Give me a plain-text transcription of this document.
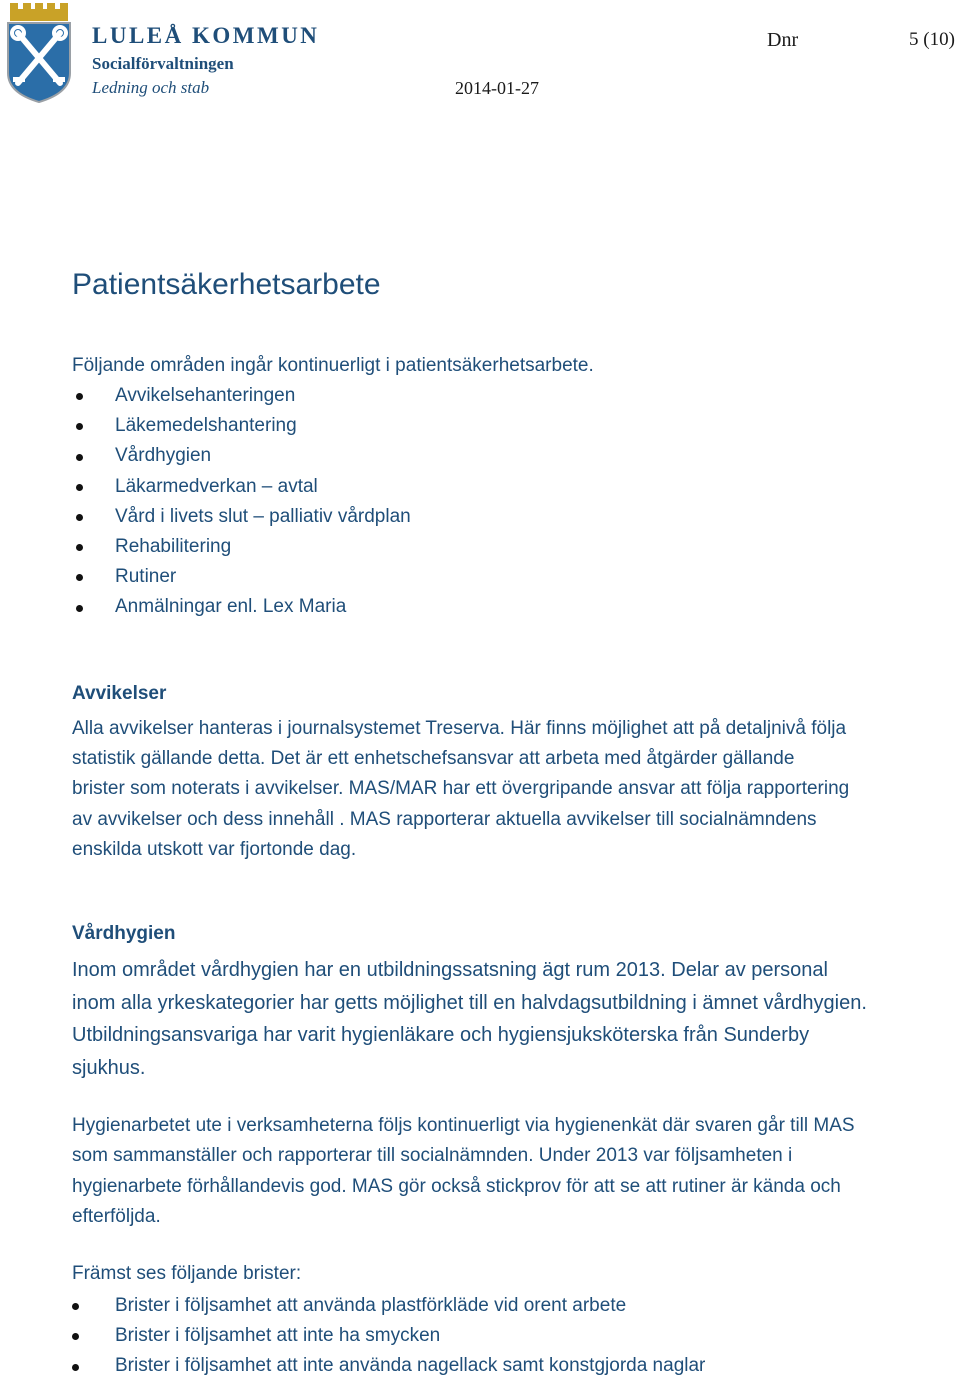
LULEÅ KOMMUN
Socialförvaltningen
Ledning och stab	2014-01-27
Dnr	5 (10)
Patientsäkerhetsarbete
Följande områden ingår kontinuerligt i patientsäkerhetsarbete.
Avvikelsehanteringen
Läkemedelshantering
Vårdhygien
Läkarmedverkan – avtal
Vård i livets slut – palliativ vårdplan
Rehabilitering
Rutiner
Anmälningar enl. Lex Maria
Avvikelser
Alla avvikelser hanteras i journalsystemet Treserva. Här finns möjlighet att på detaljnivå följa statistik gällande detta. Det är ett enhetschefsansvar att arbeta med åtgärder gällande brister som noterats i avvikelser. MAS/MAR har ett övergripande ansvar att följa rapportering av avvikelser och dess innehåll . MAS rapporterar aktuella avvikelser till socialnämndens enskilda utskott var fjortonde dag.
Vårdhygien
Inom området vårdhygien har en utbildningssatsning ägt rum 2013. Delar av personal inom alla yrkeskategorier har getts möjlighet till en halvdagsutbildning i ämnet vårdhygien. Utbildningsansvariga har varit hygienläkare och hygiensjuksköterska från Sunderby sjukhus.
Hygienarbetet ute i verksamheterna följs kontinuerligt via hygienenkät där svaren går till MAS som sammanställer och rapporterar till socialnämnden. Under 2013 var följsamheten i hygienarbete förhållandevis god. MAS gör också stickprov för att se att rutiner är kända och efterföljda.
Främst ses följande brister:
Brister i följsamhet att använda plastförkläde vid orent arbete
Brister i följsamhet att inte ha smycken
Brister i följsamhet att inte använda nagellack samt konstgjorda naglar
